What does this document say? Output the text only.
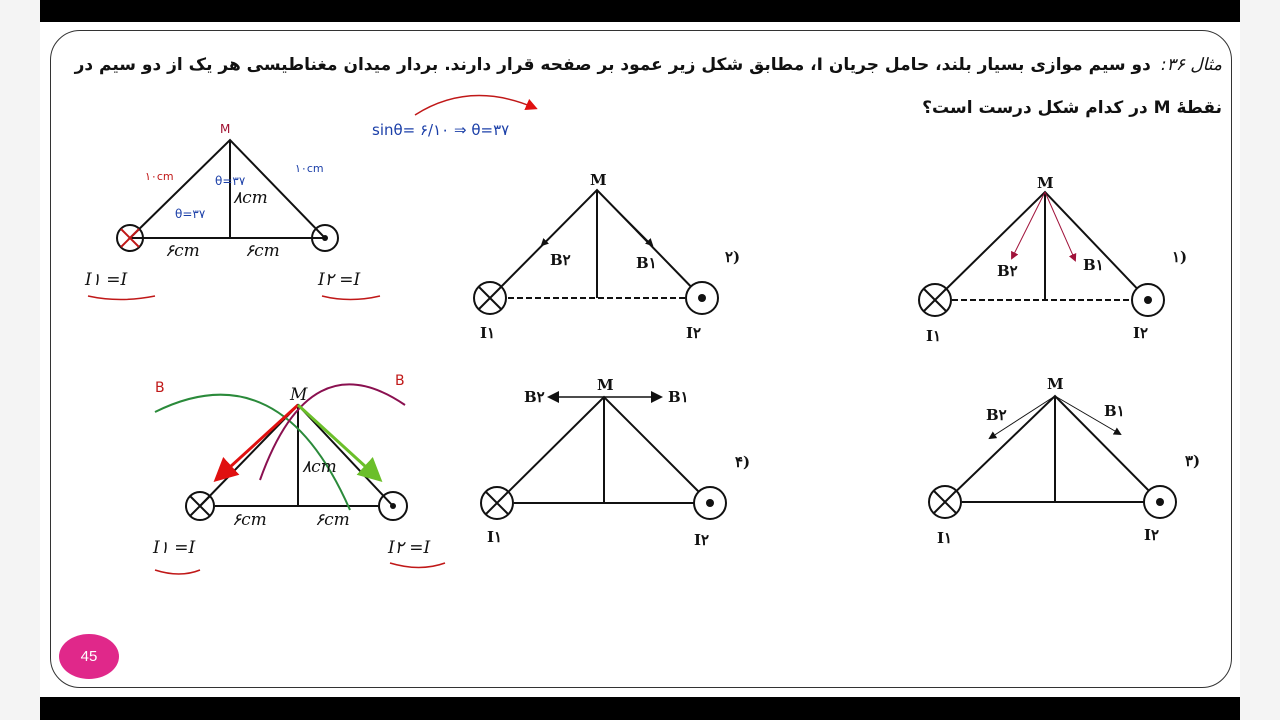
مثال ۳۶:دو سیم موازی بسیار بلند، حامل جریان I، مطابق شکل زیر عمود بر صفحه قرار دارند. بردار میدان مغناطیسی هر یک از دو سیم در
نقطهٔ M در کدام شکل درست است؟
sinθ= ۶/۱۰ ⇒ θ=۳۷
M
۱۰cm
۱۰cm
θ=۳۷
θ=۳۷
۸cm
۶cm	۶cm
I۱ =I	I۲ =I
M
B	B
۸cm
۶cm	۶cm
I۱ =I	I۲ =I
M
B۲	B۱
I۱	I۲
۲)
M
B۲	B۱
I۱	I۲
۱)
M
B۲	B۱
I۱	I۲
۴)
M
B۲	B۱
I۱	I۲
۳)
45
